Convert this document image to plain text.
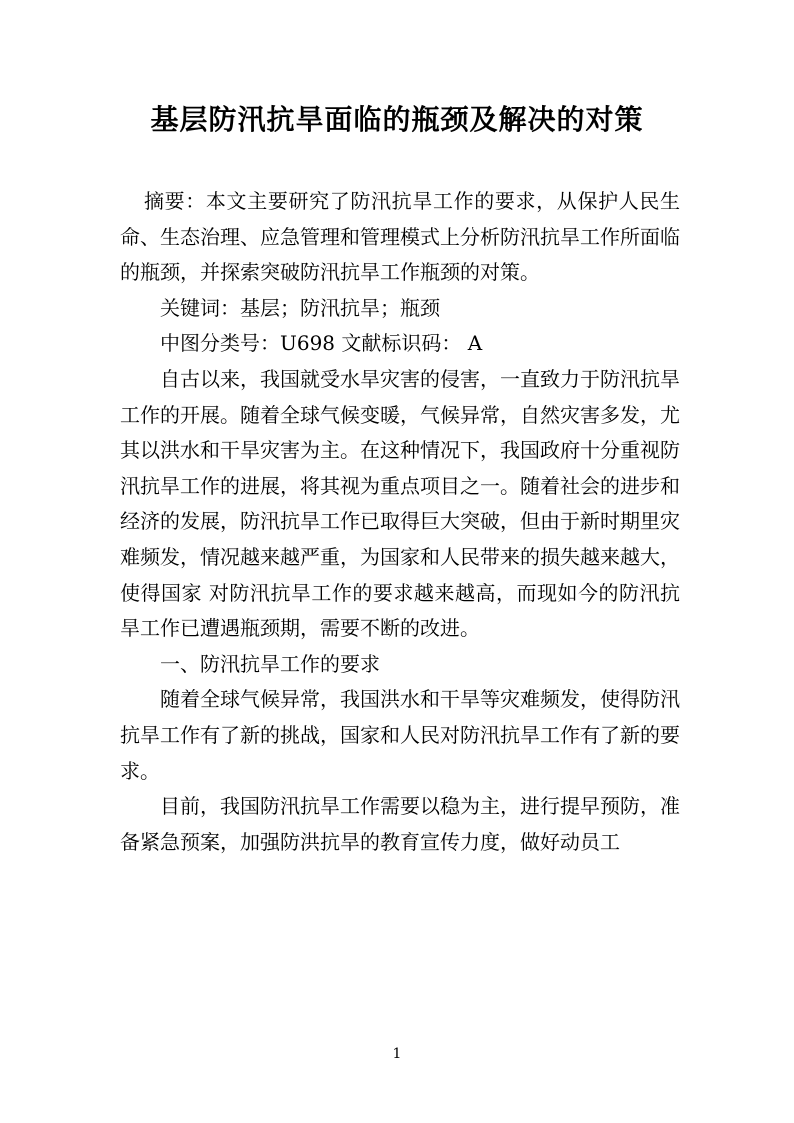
基层防汛抗旱面临的瓶颈及解决的对策

摘要：本文主要研究了防汛抗旱工作的要求，从保护人民生命、生态治理、应急管理和管理模式上分析防汛抗旱工作所面临的瓶颈，并探索突破防汛抗旱工作瓶颈的对策。

关键词：基层；防汛抗旱；瓶颈

中图分类号：U698 文献标识码： A

自古以来，我国就受水旱灾害的侵害，一直致力于防汛抗旱工作的开展。随着全球气候变暖，气候异常，自然灾害多发，尤其以洪水和干旱灾害为主。在这种情况下，我国政府十分重视防汛抗旱工作的进展，将其视为重点项目之一。随着社会的进步和经济的发展，防汛抗旱工作已取得巨大突破，但由于新时期里灾难频发，情况越来越严重，为国家和人民带来的损失越来越大，使得国家 对防汛抗旱工作的要求越来越高，而现如今的防汛抗旱工作已遭遇瓶颈期，需要不断的改进。

一、防汛抗旱工作的要求

随着全球气候异常，我国洪水和干旱等灾难频发，使得防汛抗旱工作有了新的挑战，国家和人民对防汛抗旱工作有了新的要求。

目前，我国防汛抗旱工作需要以稳为主，进行提早预防，准备紧急预案，加强防洪抗旱的教育宣传力度，做好动员工

1
